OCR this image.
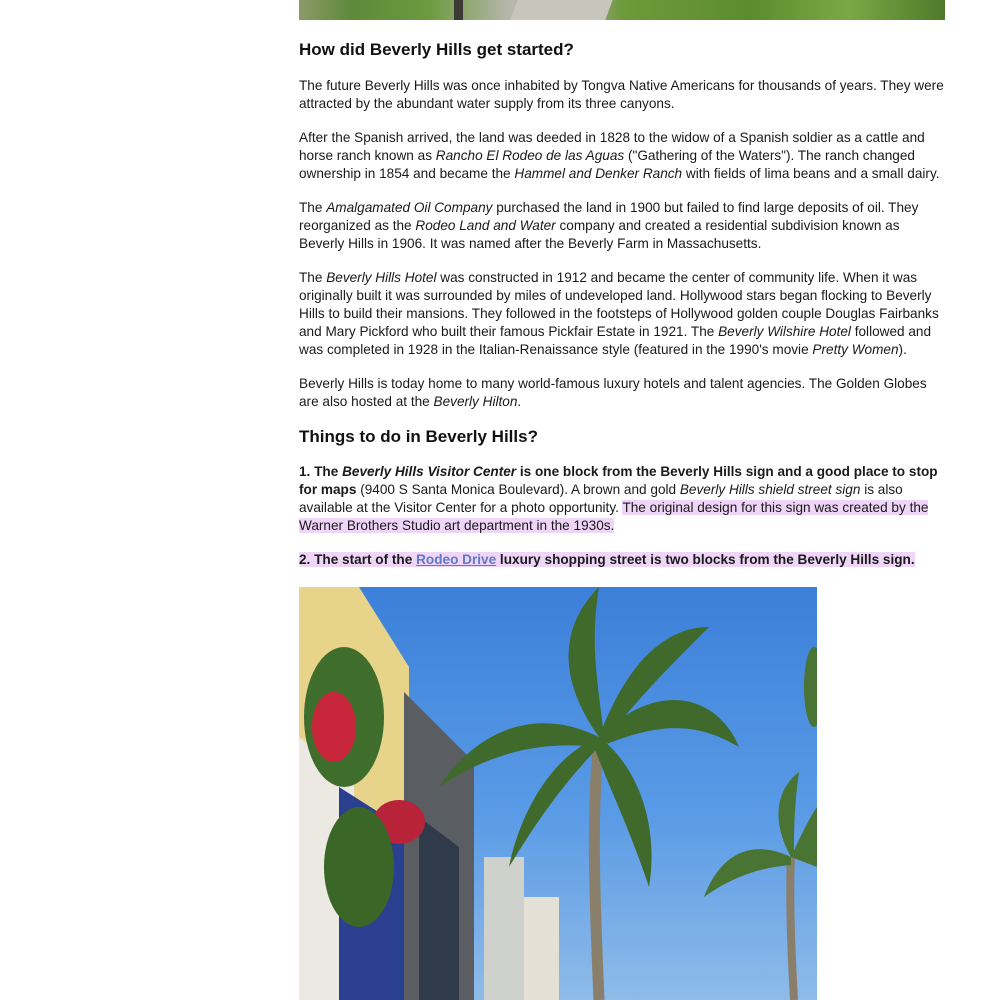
How did Beverly Hills get started?

The future Beverly Hills was once inhabited by Tongva Native Americans for thousands of years. They were attracted by the abundant water supply from its three canyons.

After the Spanish arrived, the land was deeded in 1828 to the widow of a Spanish soldier as a cattle and horse ranch known as Rancho El Rodeo de las Aguas ("Gathering of the Waters"). The ranch changed ownership in 1854 and became the Hammel and Denker Ranch with fields of lima beans and a small dairy.

The Amalgamated Oil Company purchased the land in 1900 but failed to find large deposits of oil. They reorganized as the Rodeo Land and Water company and created a residential subdivision known as Beverly Hills in 1906. It was named after the Beverly Farm in Massachusetts.

The Beverly Hills Hotel was constructed in 1912 and became the center of community life. When it was originally built it was surrounded by miles of undeveloped land. Hollywood stars began flocking to Beverly Hills to build their mansions. They followed in the footsteps of Hollywood golden couple Douglas Fairbanks and Mary Pickford who built their famous Pickfair Estate in 1921. The Beverly Wilshire Hotel followed and was completed in 1928 in the Italian-Renaissance style (featured in the 1990's movie Pretty Women).

Beverly Hills is today home to many world-famous luxury hotels and talent agencies. The Golden Globes are also hosted at the Beverly Hilton.

Things to do in Beverly Hills?

1. The Beverly Hills Visitor Center is one block from the Beverly Hills sign and a good place to stop for maps (9400 S Santa Monica Boulevard). A brown and gold Beverly Hills shield street sign is also available at the Visitor Center for a photo opportunity. The original design for this sign was created by the Warner Brothers Studio art department in the 1930s.

2. The start of the Rodeo Drive luxury shopping street is two blocks from the Beverly Hills sign.
